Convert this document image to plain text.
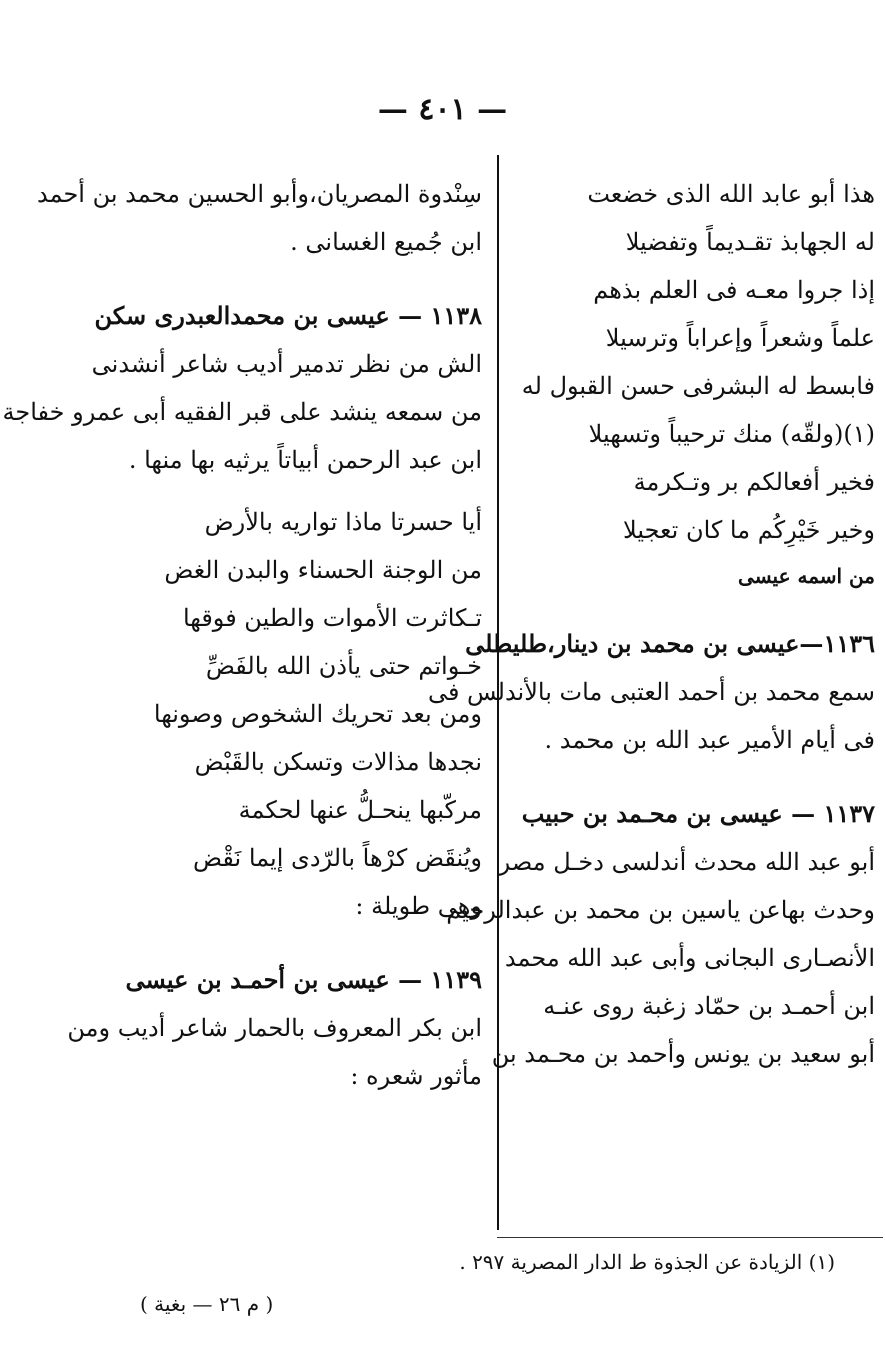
— ٤٠١ —
هذا أبو عابد الله الذى خضعت
له الجهابذ تقـديماً وتفضيلا
إذا جروا معـه فى العلم بذهم
علماً وشعراً وإعراباً وترسيلا
فابسط له البشرفى حسن القبول له
(١)(ولقّه) منك ترحيباً وتسهيلا
فخير أفعالكم بر وتـكرمة
وخير خَيْرِكُم ما كان تعجيلا
من اسمه عيسى
١١٣٦—عيسى بن محمد بن دينار،طليطلى
سمع محمد بن أحمد العتبى مات بالأندلس فى
فى أيام الأمير عبد الله بن محمد .
١١٣٧ — عيسى بن محـمد بن حبيب
أبو عبد الله محدث أندلسى دخـل مصر
وحدث بهاعن ياسين بن محمد بن عبدالرحيم
الأنصـارى البجانى وأبى عبد الله محمد
ابن أحمـد بن حمّاد زغبة روى عنـه
أبو سعيد بن يونس وأحمد بن محـمد بن
سِنْدوة المصريان،وأبو الحسين محمد بن أحمد
ابن جُميع الغسانى .
١١٣٨ — عيسى بن محمدالعبدرى سكن
الش من نظر تدمير أديب شاعر أنشدنى
من سمعه ينشد على قبر الفقيه أبى عمرو خفاجة
ابن عبد الرحمن أبياتاً يرثيه بها منها .
أيا حسرتا ماذا تواريه بالأرض
من الوجنة الحسناء والبدن الغض
تـكاثرت الأموات والطين فوقها
خـواتم حتى يأذن الله بالفَضِّ
ومن بعد تحريك الشخوص وصونها
نجدها مذالات وتسكن بالقَبْض
مركّبها ينحـلُّ عنها لحكمة
ويُنقَض كرْهاً بالرّدى إيما نَقْض
وهى طويلة :
١١٣٩ — عيسى بن أحمـد بن عيسى
ابن بكر المعروف بالحمار شاعر أديب ومن
مأثور شعره :
(١) الزيادة عن الجذوة ط الدار المصرية ٢٩٧ .
( م ٢٦ — بغية )
